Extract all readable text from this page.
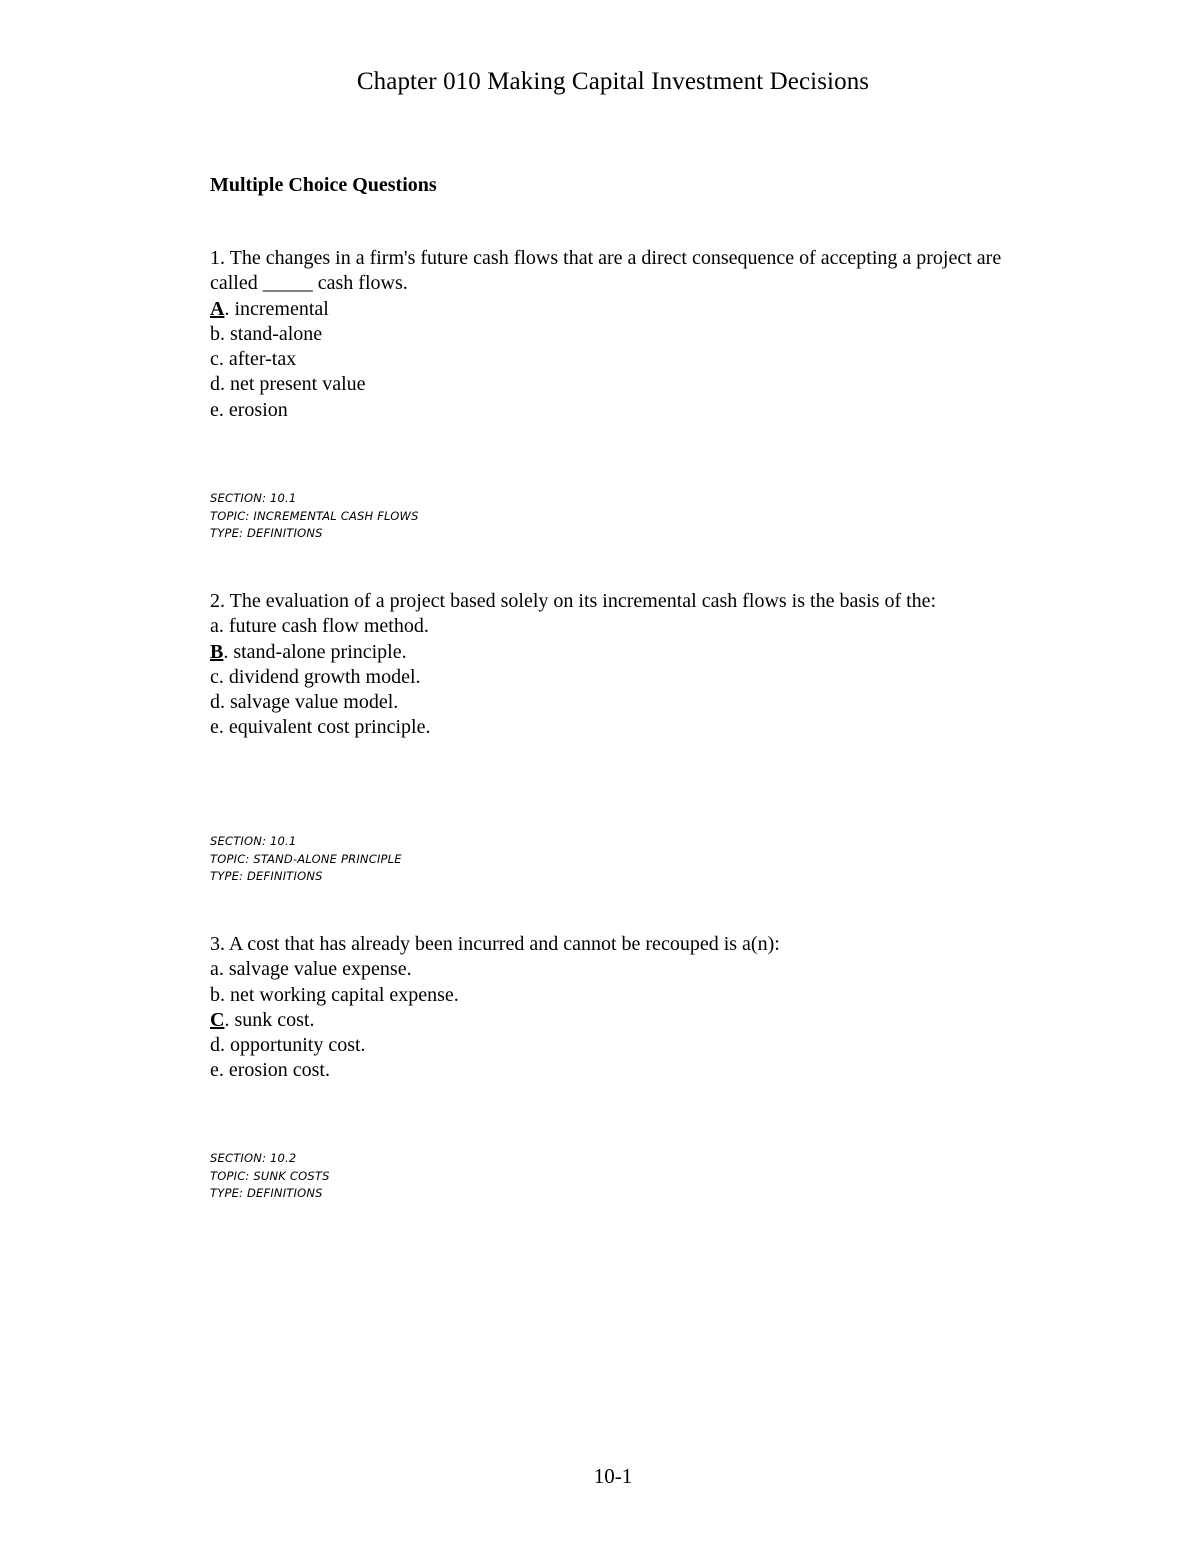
Chapter 010 Making Capital Investment Decisions
Multiple Choice Questions

1. The changes in a firm's future cash flows that are a direct consequence of accepting a project are called _____ cash flows.

A. incremental
b. stand-alone
c. after-tax
d. net present value
e. erosion

SECTION: 10.1

TOPIC: INCREMENTAL CASH FLOWS

TYPE: DEFINITIONS

2. The evaluation of a project based solely on its incremental cash flows is the basis of the:

a. future cash flow method.
B. stand-alone principle.
c. dividend growth model.
d. salvage value model.
e. equivalent cost principle.

SECTION: 10.1

TOPIC: STAND-ALONE PRINCIPLE

TYPE: DEFINITIONS

3. A cost that has already been incurred and cannot be recouped is a(n):

a. salvage value expense.
b. net working capital expense.
C. sunk cost.
d. opportunity cost.
e. erosion cost.

SECTION: 10.2

TOPIC: SUNK COSTS

TYPE: DEFINITIONS

10-1
